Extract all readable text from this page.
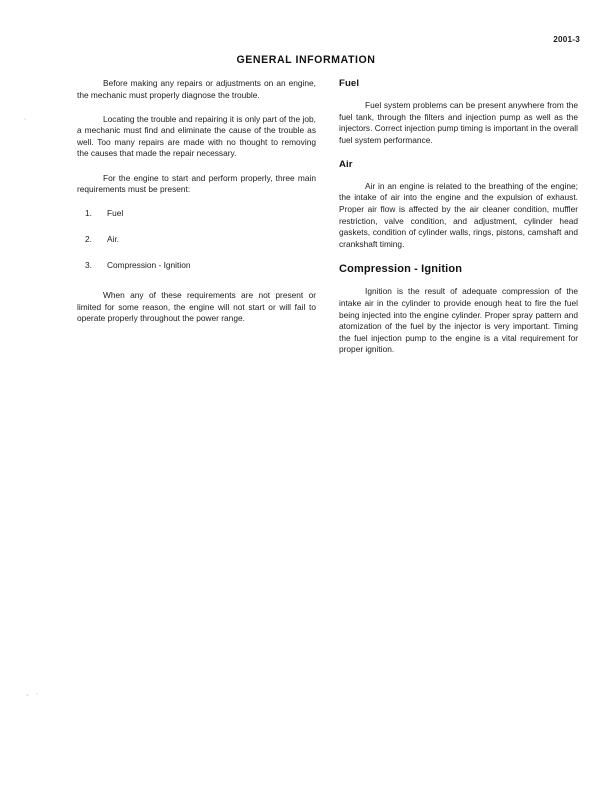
2001-3
GENERAL INFORMATION

Before making any repairs or adjustments on an engine, the mechanic must properly diagnose the trouble.

Locating the trouble and repairing it is only part of the job, a mechanic must find and eliminate the cause of the trouble as well. Too many repairs are made with no thought to removing the causes that made the repair necessary.

For the engine to start and perform properly, three main requirements must be present:

1. Fuel
2. Air.
3. Compression - Ignition

When any of these requirements are not present or limited for some reason, the engine will not start or will fail to operate properly throughout the power range.

Fuel

Fuel system problems can be present anywhere from the fuel tank, through the filters and injection pump as well as the injectors. Correct injection pump timing is important in the overall fuel system performance.

Air

Air in an engine is related to the breathing of the engine; the intake of air into the engine and the expulsion of exhaust. Proper air flow is affected by the air cleaner condition, muffler restriction, valve condition, and adjustment, cylinder head gaskets, condition of cylinder walls, rings, pistons, camshaft and crankshaft timing.

Compression - Ignition

Ignition is the result of adequate compression of the intake air in the cylinder to provide enough heat to fire the fuel being injected into the engine cylinder. Proper spray pattern and atomization of the fuel by the injector is very important. Timing the fuel injection pump to the engine is a vital requirement for proper ignition.
